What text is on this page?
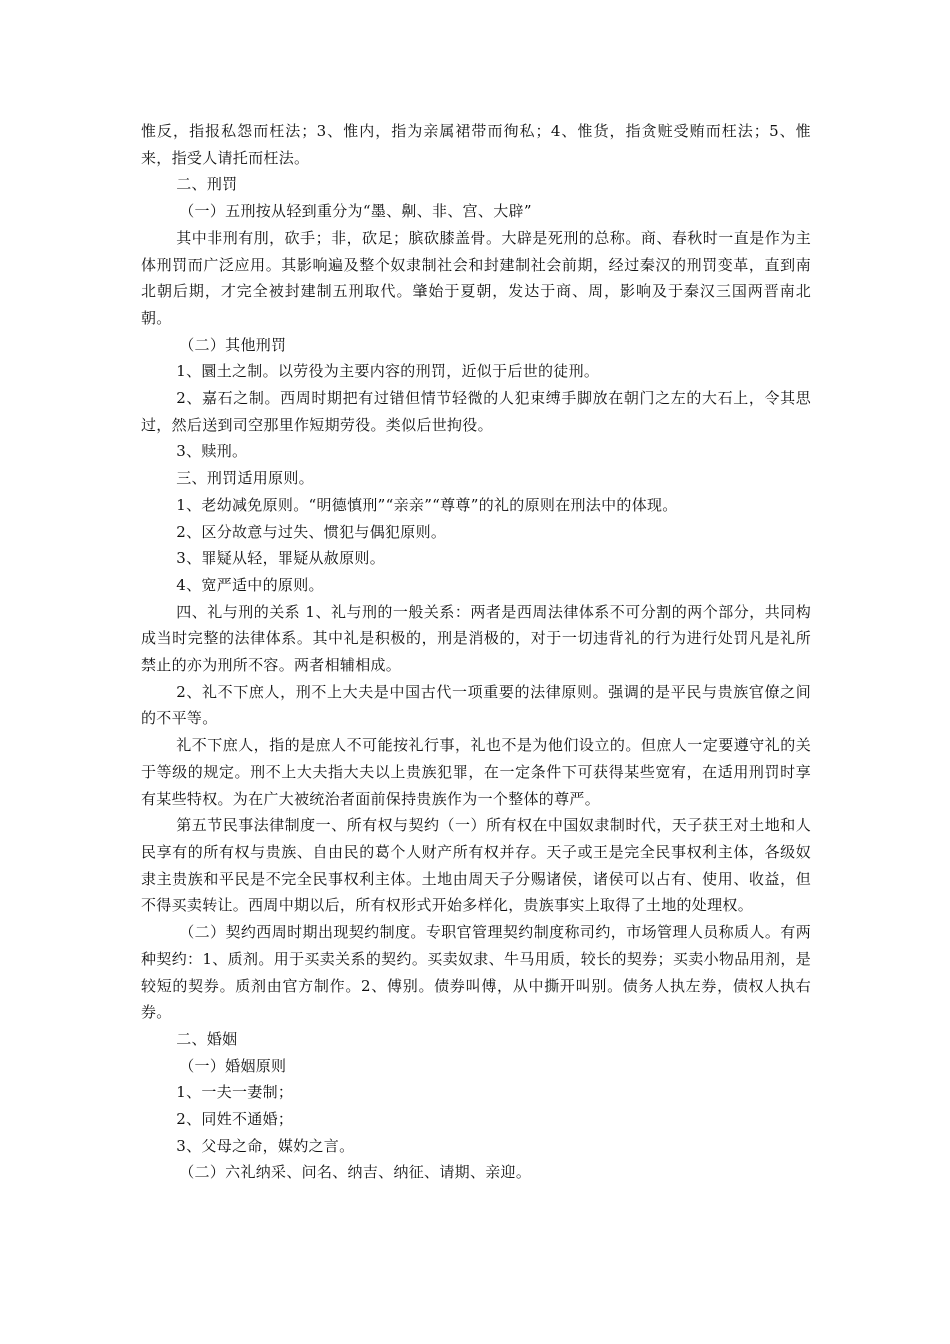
惟反，指报私怨而枉法；3、惟内，指为亲属裙带而徇私；4、惟货，指贪赃受贿而枉法；5、惟来，指受人请托而枉法。

二、刑罚

（一）五刑按从轻到重分为“墨、劓、非、宫、大辟”

其中非刑有刖，砍手；非，砍足；膑砍膝盖骨。大辟是死刑的总称。商、春秋时一直是作为主体刑罚而广泛应用。其影响遍及整个奴隶制社会和封建制社会前期，经过秦汉的刑罚变革，直到南北朝后期，才完全被封建制五刑取代。肇始于夏朝，发达于商、周，影响及于秦汉三国两晋南北朝。

（二）其他刑罚

1、圜土之制。以劳役为主要内容的刑罚，近似于后世的徒刑。

2、嘉石之制。西周时期把有过错但情节轻微的人犯束缚手脚放在朝门之左的大石上，令其思过，然后送到司空那里作短期劳役。类似后世拘役。

3、赎刑。

三、刑罚适用原则。

1、老幼减免原则。“明德慎刑”“亲亲”“尊尊”的礼的原则在刑法中的体现。

2、区分故意与过失、惯犯与偶犯原则。

3、罪疑从轻，罪疑从赦原则。

4、宽严适中的原则。

四、礼与刑的关系 1、礼与刑的一般关系：两者是西周法律体系不可分割的两个部分，共同构成当时完整的法律体系。其中礼是积极的，刑是消极的，对于一切违背礼的行为进行处罚凡是礼所禁止的亦为刑所不容。两者相辅相成。

2、礼不下庶人，刑不上大夫是中国古代一项重要的法律原则。强调的是平民与贵族官僚之间的不平等。

礼不下庶人，指的是庶人不可能按礼行事，礼也不是为他们设立的。但庶人一定要遵守礼的关于等级的规定。刑不上大夫指大夫以上贵族犯罪，在一定条件下可获得某些宽宥，在适用刑罚时享有某些特权。为在广大被统治者面前保持贵族作为一个整体的尊严。

第五节民事法律制度一、所有权与契约（一）所有权在中国奴隶制时代，天子获王对土地和人民享有的所有权与贵族、自由民的葛个人财产所有权并存。天子或王是完全民事权利主体，各级奴隶主贵族和平民是不完全民事权利主体。土地由周天子分赐诸侯，诸侯可以占有、使用、收益，但不得买卖转让。西周中期以后，所有权形式开始多样化，贵族事实上取得了土地的处理权。

（二）契约西周时期出现契约制度。专职官管理契约制度称司约，市场管理人员称质人。有两种契约：1、质剂。用于买卖关系的契约。买卖奴隶、牛马用质，较长的契券；买卖小物品用剂，是较短的契券。质剂由官方制作。2、傅别。债券叫傅，从中撕开叫别。债务人执左券，债权人执右券。

二、婚姻

（一）婚姻原则

1、一夫一妻制；

2、同姓不通婚；

3、父母之命，媒妁之言。

（二）六礼纳采、问名、纳吉、纳征、请期、亲迎。
